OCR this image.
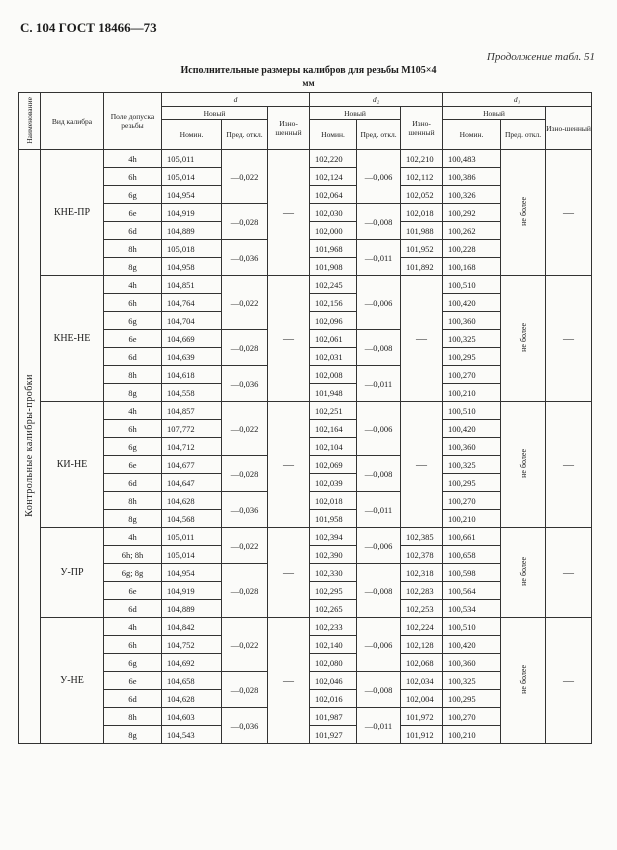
С. 104 ГОСТ 18466—73
Продолжение табл. 51
Исполнительные размеры калибров для резьбы М105×4
мм
Наименование	Вид калибра	Поле допуска резьбы	d			d₂			d₁		
			Новый		Изно-шенный	Новый		Изно-шенный	Новый		Изно-шенный
			Номин.	Пред. откл.		Номин.	Пред. откл.		Номин.	Пред. откл.	
Контрольные калибры-пробки	КНЕ-ПР	4h	105,011	—0,022	—	102,220	—0,006	102,210	100,483	не более	—
		6h	105,014			102,124		102,112	100,386		
		6g	104,954			102,064		102,052	100,326		
		6e	104,919	—0,028		102,030	—0,008	102,018	100,292		
		6d	104,889			102,000		101,988	100,262		
		8h	105,018	—0,036		101,968	—0,011	101,952	100,228		
		8g	104,958			101,908		101,892	100,168		
	КНЕ-НЕ	4h	104,851	—0,022	—	102,245	—0,006	—	100,510	не более	—
		6h	104,764			102,156			100,420		
		6g	104,704			102,096			100,360		
		6e	104,669	—0,028		102,061	—0,008		100,325		
		6d	104,639			102,031			100,295		
		8h	104,618	—0,036		102,008	—0,011		100,270		
		8g	104,558			101,948			100,210		
	КИ-НЕ	4h	104,857	—0,022	—	102,251	—0,006	—	100,510	не более	—
		6h	107,772			102,164			100,420		
		6g	104,712			102,104			100,360		
		6e	104,677	—0,028		102,069	—0,008		100,325		
		6d	104,647			102,039			100,295		
		8h	104,628	—0,036		102,018	—0,011		100,270		
		8g	104,568			101,958			100,210		
	У-ПР	4h	105,011	—0,022	—	102,394	—0,006	102,385	100,661	не более	—
		6h; 8h	105,014			102,390		102,378	100,658		
		6g; 8g	104,954	—0,028		102,330	—0,008	102,318	100,598		
		6e	104,919			102,295		102,283	100,564		
		6d	104,889			102,265		102,253	100,534		
	У-НЕ	4h	104,842	—0,022	—	102,233	—0,006	102,224	100,510	не более	—
		6h	104,752			102,140		102,128	100,420		
		6g	104,692			102,080		102,068	100,360		
		6e	104,658	—0,028		102,046	—0,008	102,034	100,325		
		6d	104,628			102,016		102,004	100,295		
		8h	104,603	—0,036		101,987	—0,011	101,972	100,270		
		8g	104,543			101,927		101,912	100,210		
